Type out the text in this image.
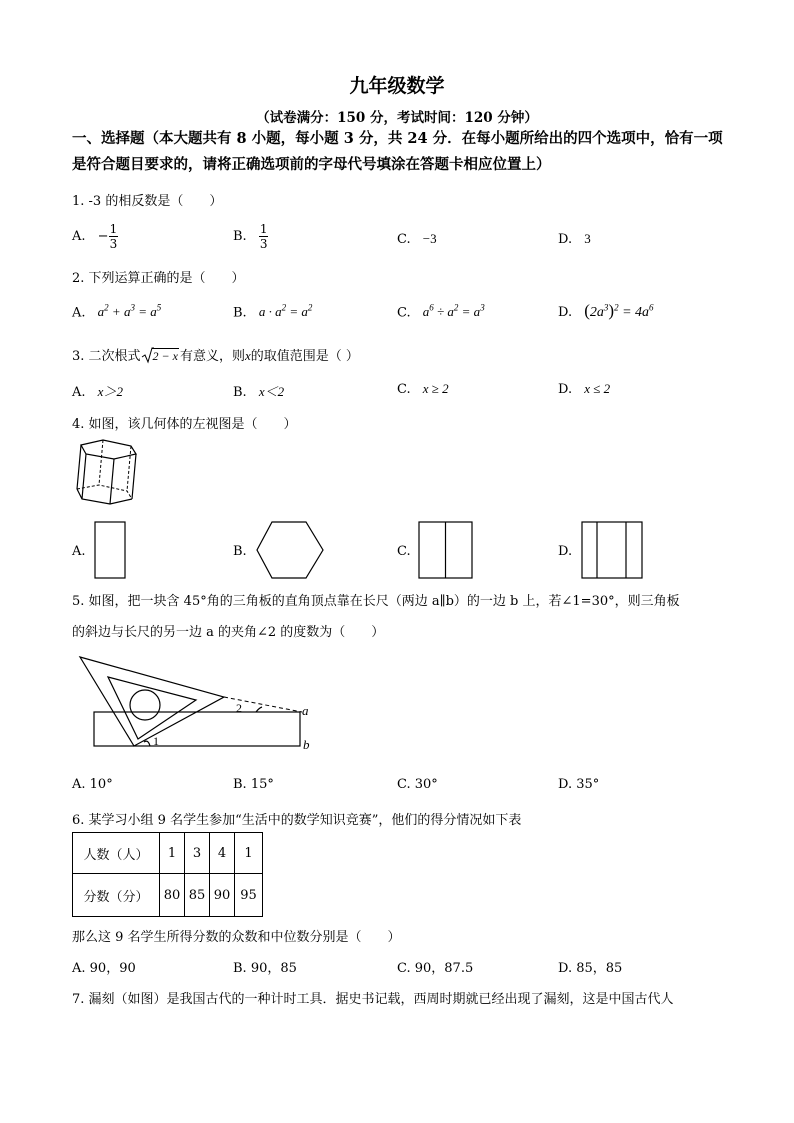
九年级数学
（试卷满分：150 分，考试时间：120 分钟）
一、选择题（本大题共有 8 小题，每小题 3 分，共 24 分．在每小题所给出的四个选项中，恰有一项是符合题目要求的，请将正确选项前的字母代号填涂在答题卡相应位置上）
1. -3 的相反数是（　　）
A. − $\frac{1}{3}$	B. $\frac{1}{3}$	C. −3	D. 3
2. 下列运算正确的是（　　）
A. $a^2 + a^3 = a^5$	B. $a \cdot a^2 = a^2$	C. $a^6 \div a^2 = a^3$	D. $(2a^3)^2 = 4a^6$
3. 二次根式 2 − x 有意义，则x的取值范围是（ ）
A. x＞2	B. x＜2	C. x ≥ 2	D. x ≤ 2
4. 如图，该几何体的左视图是（　　）
A.	B.	C.	D.
5. 如图，把一块含 45°角的三角板的直角顶点靠在长尺（两边 a∥b）的一边 b 上，若∠1=30°，则三角板
的斜边与长尺的另一边 a 的夹角∠2 的度数为（　　）
a
b
1
2
A. 10°	B. 15°	C. 30°	D. 35°
6. 某学习小组 9 名学生参加“生活中的数学知识竞赛”，他们的得分情况如下表
人数（人）	1	3	4	1
分数（分）	80	85	90	95
那么这 9 名学生所得分数的众数和中位数分别是（　　）
A. 90，90	B. 90，85	C. 90，87.5	D. 85，85
7. 漏刻（如图）是我国古代的一种计时工具．据史书记载，西周时期就已经出现了漏刻，这是中国古代人
